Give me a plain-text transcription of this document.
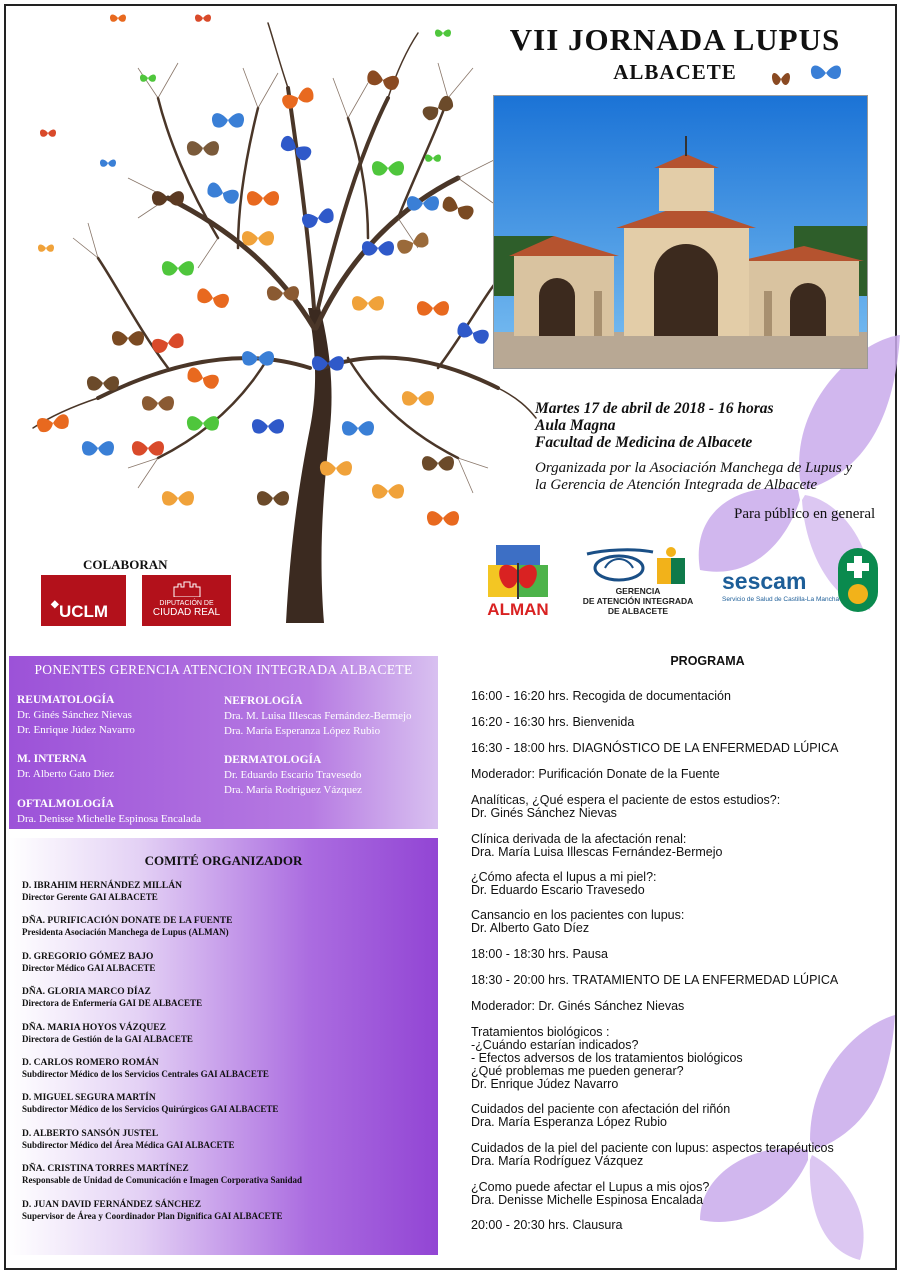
VII JORNADA LUPUS
ALBACETE
Martes 17 de abril de 2018 - 16 horas
Aula Magna
Facultad de Medicina de Albacete
Organizada por la Asociación Manchega de Lupus y
la Gerencia de Atención Integrada de Albacete
Para público en general
COLABORAN
◆ UCLM	DIPUTACIÓN DE
CIUDAD REAL	ALMAN
GERENCIA
DE ATENCIÓN INTEGRADA
DE ALBACETE
sescam
Servicio de Salud de Castilla-La Mancha
PONENTES GERENCIA ATENCION INTEGRADA ALBACETE
REUMATOLOGÍA
Dr. Ginés Sánchez Nievas
Dr. Enrique Júdez Navarro
M. INTERNA
Dr. Alberto Gato Díez
OFTALMOLOGÍA
Dra. Denisse Michelle Espinosa Encalada
NEFROLOGÍA
Dra. M. Luisa Illescas Fernández-Bermejo
Dra. María Esperanza López Rubio
DERMATOLOGÍA
Dr. Eduardo Escario Travesedo
Dra. María Rodríguez Vázquez
COMITÉ ORGANIZADOR
D. IBRAHIM HERNÁNDEZ MILLÁN
Director Gerente GAI ALBACETE
DÑA. PURIFICACIÓN DONATE DE LA FUENTE
Presidenta Asociación Manchega de Lupus (ALMAN)
D. GREGORIO GÓMEZ BAJO
Director Médico GAI ALBACETE
DÑA. GLORIA MARCO DÍAZ
Directora de Enfermería GAI DE ALBACETE
DÑA. MARIA HOYOS VÁZQUEZ
Directora de Gestión de la GAI ALBACETE
D. CARLOS ROMERO ROMÁN
Subdirector Médico de los Servicios Centrales GAI ALBACETE
D. MIGUEL SEGURA MARTÍN
Subdirector Médico de los Servicios Quirúrgicos GAI ALBACETE
D. ALBERTO SANSÓN JUSTEL
Subdirector Médico del Área Médica GAI ALBACETE
DÑA. CRISTINA TORRES MARTÍNEZ
Responsable de Unidad de Comunicación e Imagen Corporativa Sanidad
D. JUAN DAVID FERNÁNDEZ SÁNCHEZ
Supervisor de Área y Coordinador Plan Dignifica GAI ALBACETE
PROGRAMA
16:00 - 16:20 hrs. Recogida de documentación
16:20 - 16:30 hrs. Bienvenida
16:30 - 18:00 hrs. DIAGNÓSTICO DE LA ENFERMEDAD LÚPICA
Moderador: Purificación Donate de la Fuente
Analíticas, ¿Qué espera el paciente de estos estudios?:
Dr. Ginés Sánchez Nievas
Clínica derivada de la afectación renal:
Dra. María Luisa Illescas Fernández-Bermejo
¿Cómo afecta el lupus a mi piel?:
Dr. Eduardo Escario Travesedo
Cansancio en los pacientes con lupus:
Dr. Alberto Gato Díez
18:00 - 18:30 hrs. Pausa
18:30 - 20:00 hrs. TRATAMIENTO DE LA ENFERMEDAD LÚPICA
Moderador: Dr. Ginés Sánchez Nievas
Tratamientos biológicos :
-¿Cuándo estarían indicados?
- Efectos adversos de los tratamientos biológicos
¿Qué problemas me pueden generar?
Dr. Enrique Júdez Navarro
Cuidados del paciente con afectación del riñón
Dra. María Esperanza López Rubio
Cuidados de la piel del paciente con lupus: aspectos terapéuticos
Dra. María Rodríguez Vázquez
¿Como puede afectar el Lupus a mis ojos?
Dra. Denisse Michelle Espinosa Encalada
20:00 - 20:30 hrs. Clausura
